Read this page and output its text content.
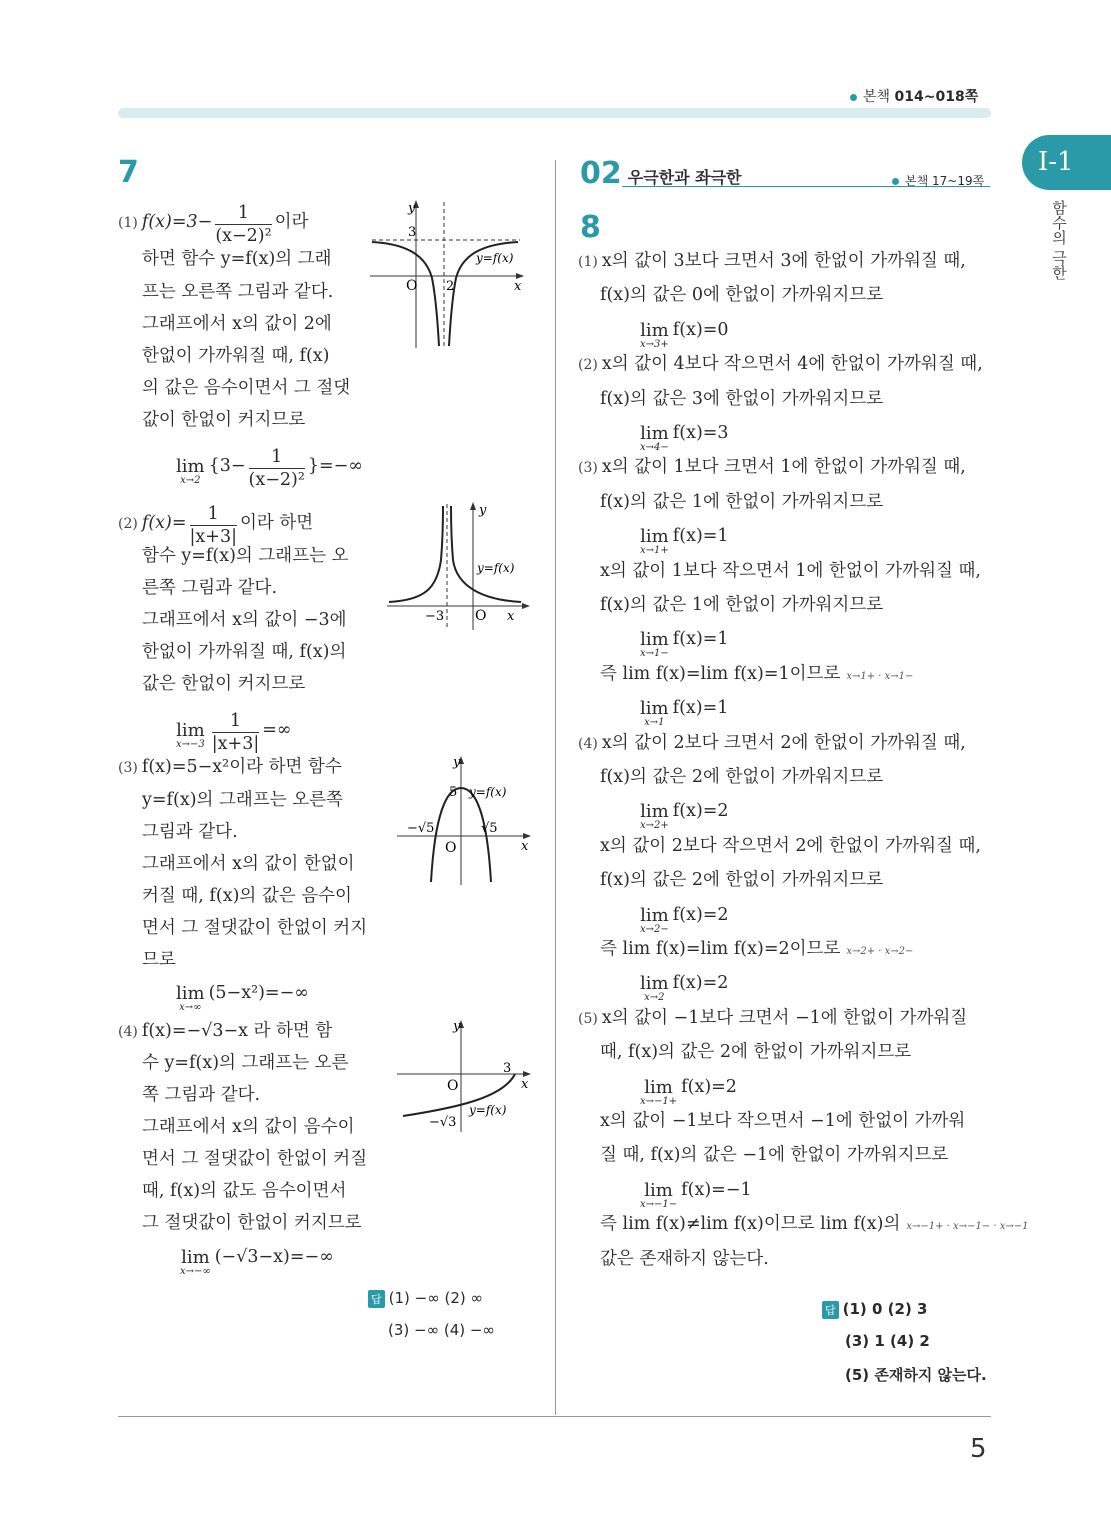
본책 014~018쪽
Ⅰ-1
함수의 극한
5
7
(1) $f(x)=3- \frac{1}{\text{(x−2)²}}$ 이라
하면 함수 y=f(x)의 그래
프는 오른쪽 그림과 같다.
그래프에서 x의 값이 2에
한없이 가까워질 때, f(x)
의 값은 음수이면서 그 절댓
값이 한없이 커지므로
lim
x→2
{$3- \frac{1}{\text{(x−2)²}}$ }=−∞
y
3
O 2	x
y=f(x)
(2) $f(x)= \frac{1}{|x+3|}$ 이라 하면
함수 y=f(x)의 그래프는 오
른쪽 그림과 같다.
그래프에서 x의 값이 −3에
한없이 가까워질 때, f(x)의
값은 한없이 커지므로
lim
$x\to-3 \frac{1}{|x+3|}$ =∞
y
−3 O x
y=f(x)
(3) f(x)=5−x²이라 하면 함수
y=f(x)의 그래프는 오른쪽
그림과 같다.
그래프에서 x의 값이 한없이
커질 때, f(x)의 값은 음수이
면서 그 절댓값이 한없이 커지
므로
lim
x→∞
(5−x²)=−∞
y
5
−√5	√5
O	x
y=f(x)
(4) f(x)=−√3−x 라 하면 함
수 y=f(x)의 그래프는 오른
쪽 그림과 같다.
그래프에서 x의 값이 음수이
면서 그 절댓값이 한없이 커질
때, f(x)의 값도 음수이면서
그 절댓값이 한없이 커지므로
lim
x→−∞
(−√3−x)=−∞
y
O
3
x
−√3
y=f(x)
답 (1) −∞ (2) ∞
(3) −∞ (4) −∞
02 우극한과 좌극한	본책 17~19쪽
8
(1) x의 값이 3보다 크면서 3에 한없이 가까워질 때,
f(x)의 값은 0에 한없이 가까워지므로
lim
x→3+
f(x)=0
(2) x의 값이 4보다 작으면서 4에 한없이 가까워질 때,
f(x)의 값은 3에 한없이 가까워지므로
lim
x→4−
f(x)=3
(3) x의 값이 1보다 크면서 1에 한없이 가까워질 때,
f(x)의 값은 1에 한없이 가까워지므로
lim
x→1+
f(x)=1
x의 값이 1보다 작으면서 1에 한없이 가까워질 때,
f(x)의 값은 1에 한없이 가까워지므로
lim
x→1−
f(x)=1
즉 lim f(x)=lim f(x)=1이므로 x→1+ · x→1−
lim
x→1
f(x)=1
(4) x의 값이 2보다 크면서 2에 한없이 가까워질 때,
f(x)의 값은 2에 한없이 가까워지므로
lim
x→2+
f(x)=2
x의 값이 2보다 작으면서 2에 한없이 가까워질 때,
f(x)의 값은 2에 한없이 가까워지므로
lim
x→2−
f(x)=2
즉 lim f(x)=lim f(x)=2이므로 x→2+ · x→2−
lim
x→2
f(x)=2
(5) x의 값이 −1보다 크면서 −1에 한없이 가까워질
때, f(x)의 값은 2에 한없이 가까워지므로
lim
x→−1+
f(x)=2
x의 값이 −1보다 작으면서 −1에 한없이 가까워
질 때, f(x)의 값은 −1에 한없이 가까워지므로
lim
x→−1−
f(x)=−1
즉 lim f(x)≠lim f(x)이므로 lim f(x)의 x→−1+ · x→−1− · x→−1
값은 존재하지 않는다.
답 (1) 0 (2) 3
(3) 1 (4) 2
(5) 존재하지 않는다.
